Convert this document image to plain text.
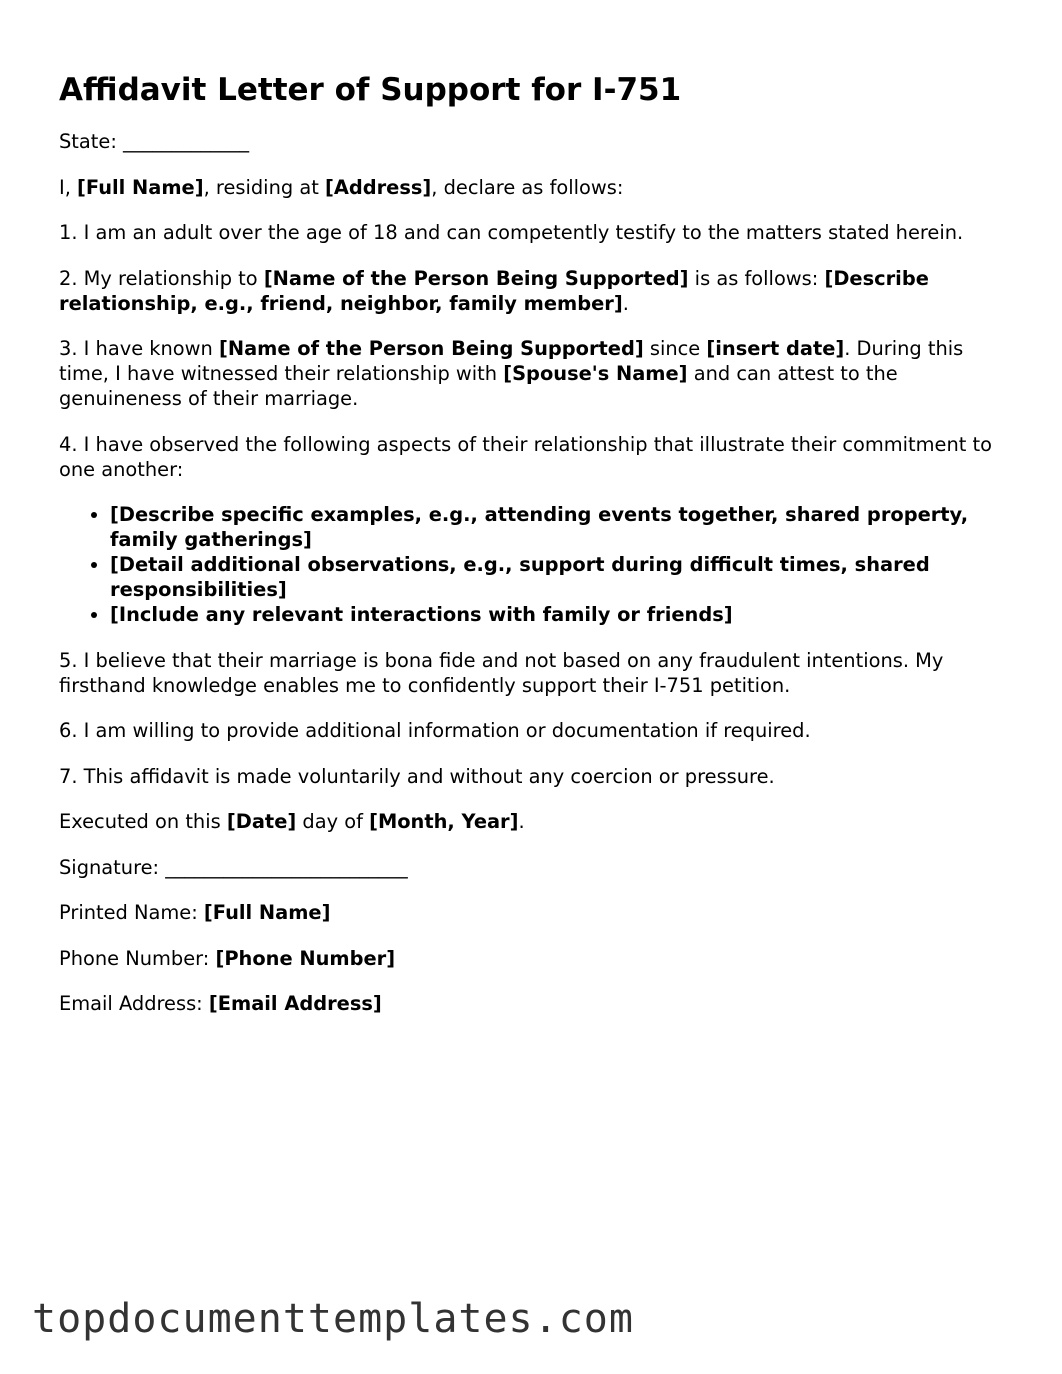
Affidavit Letter of Support for I-751

State: _____________

I, [Full Name], residing at [Address], declare as follows:

1. I am an adult over the age of 18 and can competently testify to the matters stated herein.

2. My relationship to [Name of the Person Being Supported] is as follows: [Describe relationship, e.g., friend, neighbor, family member].

3. I have known [Name of the Person Being Supported] since [insert date]. During this time, I have witnessed their relationship with [Spouse's Name] and can attest to the genuineness of their marriage.

4. I have observed the following aspects of their relationship that illustrate their commitment to one another:

• [Describe specific examples, e.g., attending events together, shared property, family gatherings]
• [Detail additional observations, e.g., support during difficult times, shared responsibilities]
• [Include any relevant interactions with family or friends]

5. I believe that their marriage is bona fide and not based on any fraudulent intentions. My firsthand knowledge enables me to confidently support their I-751 petition.

6. I am willing to provide additional information or documentation if required.

7. This affidavit is made voluntarily and without any coercion or pressure.

Executed on this [Date] day of [Month, Year].

Signature: _________________________

Printed Name: [Full Name]

Phone Number: [Phone Number]

Email Address: [Email Address]

topdocumenttemplates.com
